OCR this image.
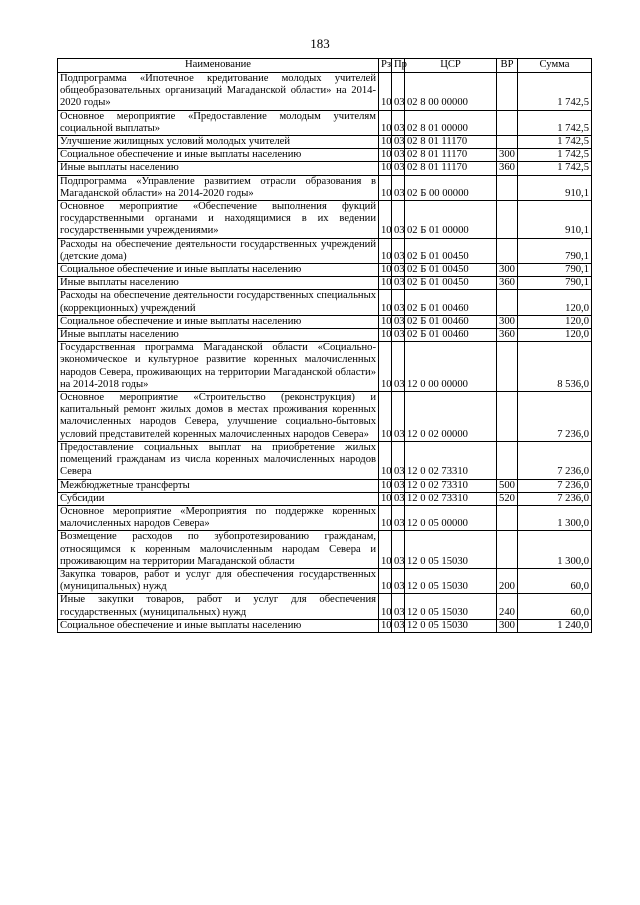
183
Наименование	Рз	Пр	ЦСР	ВР	Сумма
Подпрограмма «Ипотечное кредитование молодых учителей общеобразовательных организаций Магаданской области» на 2014-2020 годы»	10	03	02 8 00 00000		1 742,5
Основное мероприятие «Предоставление молодым учителям социальной выплаты»	10	03	02 8 01 00000		1 742,5
Улучшение жилищных условий молодых учителей	10	03	02 8 01 11170		1 742,5
Социальное обеспечение и иные выплаты населению	10	03	02 8 01 11170	300	1 742,5
Иные выплаты населению	10	03	02 8 01 11170	360	1 742,5
Подпрограмма «Управление развитием отрасли образования в Магаданской области» на 2014-2020 годы»	10	03	02 Б 00 00000		910,1
Основное мероприятие «Обеспечение выполнения фукций государственными органами и находящимися в их ведении государственными учреждениями»	10	03	02 Б 01 00000		910,1
Расходы на обеспечение деятельности государственных учреждений (детские дома)	10	03	02 Б 01 00450		790,1
Социальное обеспечение и иные выплаты населению	10	03	02 Б 01 00450	300	790,1
Иные выплаты населению	10	03	02 Б 01 00450	360	790,1
Расходы на обеспечение деятельности государственных специальных (коррекционных) учреждений	10	03	02 Б 01 00460		120,0
Социальное обеспечение и иные выплаты населению	10	03	02 Б 01 00460	300	120,0
Иные выплаты населению	10	03	02 Б 01 00460	360	120,0
Государственная программа Магаданской области «Социально-экономическое и культурное развитие коренных малочисленных народов Севера, проживающих на территории Магаданской области» на 2014-2018 годы»	10	03	12 0 00 00000		8 536,0
Основное мероприятие «Строительство (реконструкция) и капитальный ремонт жилых домов в местах проживания коренных малочисленных народов Севера, улучшение социально-бытовых условий представителей коренных малочисленных народов Севера»	10	03	12 0 02 00000		7 236,0
Предоставление социальных выплат на приобретение жилых помещений гражданам из числа коренных малочисленных народов Севера	10	03	12 0 02 73310		7 236,0
Межбюджетные трансферты	10	03	12 0 02 73310	500	7 236,0
Субсидии	10	03	12 0 02 73310	520	7 236,0
Основное мероприятие «Мероприятия по поддержке коренных малочисленных народов Севера»	10	03	12 0 05 00000		1 300,0
Возмещение расходов по зубопротезированию гражданам, относящимся к коренным малочисленным народам Севера и проживающим на территории Магаданской области	10	03	12 0 05 15030		1 300,0
Закупка товаров, работ и услуг для обеспечения государственных (муниципальных) нужд	10	03	12 0 05 15030	200	60,0
Иные закупки товаров, работ и услуг для обеспечения государственных (муниципальных) нужд	10	03	12 0 05 15030	240	60,0
Социальное обеспечение и иные выплаты населению	10	03	12 0 05 15030	300	1 240,0
